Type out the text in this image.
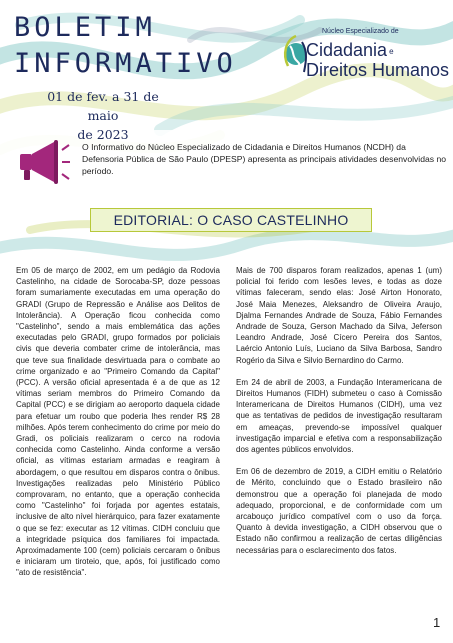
BOLETIM
INFORMATIVO
01 de fev. a 31 de maio
de 2023
Núcleo Especializado de
Cidadania e
Direitos Humanos
O Informativo do Núcleo Especializado de Cidadania e Direitos Humanos (NCDH) da Defensoria Pública de São Paulo (DPESP) apresenta as principais atividades desenvolvidas no período.
EDITORIAL: O CASO CASTELINHO

Em 05 de março de 2002, em um pedágio da Rodovia Castelinho, na cidade de Sorocaba-SP, doze pessoas foram sumariamente executadas em uma operação do GRADI (Grupo de Repressão e Análise aos Delitos de Intolerância). A Operação ficou conhecida como "Castelinho", sendo a mais emblemática das ações executadas pelo GRADI, grupo formados por policiais civis que deveria combater crime de intolerância, mas que teve sua finalidade desvirtuada para o combate ao crime organizado e ao "Primeiro Comando da Capital" (PCC). A versão oficial apresentada é a de que as 12 vítimas seriam membros do Primeiro Comando da Capital (PCC) e se dirigiam ao aeroporto daquela cidade para efetuar um roubo que poderia lhes render R$ 28 milhões. Após terem conhecimento do crime por meio do Gradi, os policiais realizaram o cerco na rodovia conhecida como Castelinho. Ainda conforme a versão oficial, as vítimas estariam armadas e reagiram à abordagem, o que resultou em disparos contra o ônibus. Investigações realizadas pelo Ministério Público comprovaram, no entanto, que a operação conhecida como "Castelinho" foi forjada por agentes estatais, inclusive de alto nível hierárquico, para fazer exatamente o que se fez: executar as 12 vítimas. CIDH concluiu que a integridade psíquica dos familiares foi impactada. Aproximadamente 100 (cem) policiais cercaram o ônibus e iniciaram um tiroteio, que, após, foi justificado como "ato de resistência".

Mais de 700 disparos foram realizados, apenas 1 (um) policial foi ferido com lesões leves, e todas as doze vítimas faleceram, sendo elas: José Airton Honorato, José Maia Menezes, Aleksandro de Oliveira Araujo, Djalma Fernandes Andrade de Souza, Fábio Fernandes Andrade de Souza, Gerson Machado da Silva, Jeferson Leandro Andrade, José Cícero Pereira dos Santos, Laércio Antonio Luís, Luciano da Silva Barbosa, Sandro Rogério da Silva e Silvio Bernardino do Carmo.

Em 24 de abril de 2003, a Fundação Interamericana de Direitos Humanos (FIDH) submeteu o caso à Comissão Interamericana de Direitos Humanos (CIDH), uma vez que as tentativas de pedidos de investigação resultaram em ameaças, prevendo-se impossível qualquer investigação imparcial e efetiva com a responsabilização dos agentes públicos envolvidos.

Em 06 de dezembro de 2019, a CIDH emitiu o Relatório de Mérito, concluindo que o Estado brasileiro não demonstrou que a operação foi planejada de modo adequado, proporcional, e de conformidade com um arcabouço jurídico compatível com o uso da força. Quanto à devida investigação, a CIDH observou que o Estado não confirmou a realização de certas diligências necessárias para o esclarecimento dos fatos.

1
